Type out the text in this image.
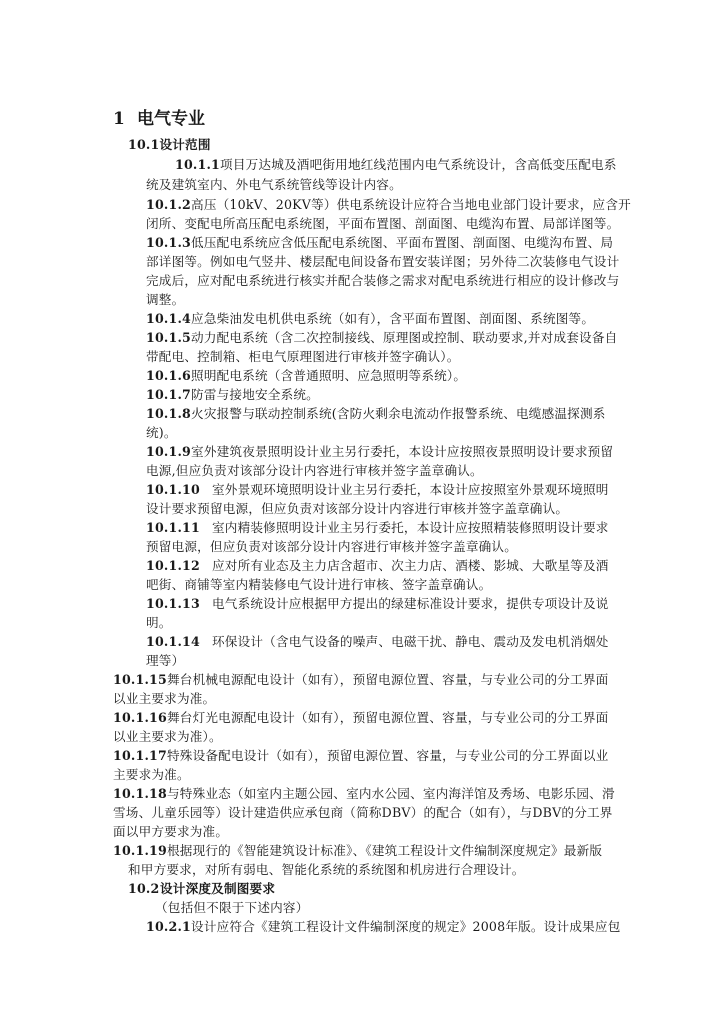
1 电气专业
10.1设计范围
10.1.1项目万达城及酒吧街用地红线范围内电气系统设计，含高低变压配电系
统及建筑室内、外电气系统管线等设计内容。
10.1.2高压（10kV、20KV等）供电系统设计应符合当地电业部门设计要求，应含开
闭所、变配电所高压配电系统图，平面布置图、剖面图、电缆沟布置、局部详图等。
10.1.3低压配电系统应含低压配电系统图、平面布置图、剖面图、电缆沟布置、局
部详图等。例如电气竖井、楼层配电间设备布置安装详图；另外待二次装修电气设计
完成后，应对配电系统进行核实并配合装修之需求对配电系统进行相应的设计修改与
调整。
10.1.4应急柴油发电机供电系统（如有），含平面布置图、剖面图、系统图等。
10.1.5动力配电系统（含二次控制接线、原理图或控制、联动要求,并对成套设备自
带配电、控制箱、柜电气原理图进行审核并签字确认）。
10.1.6照明配电系统（含普通照明、应急照明等系统）。
10.1.7防雷与接地安全系统。
10.1.8火灾报警与联动控制系统(含防火剩余电流动作报警系统、电缆感温探测系
统)。
10.1.9室外建筑夜景照明设计业主另行委托，本设计应按照夜景照明设计要求预留
电源,但应负责对该部分设计内容进行审核并签字盖章确认。
10.1.10 室外景观环境照明设计业主另行委托，本设计应按照室外景观环境照明
设计要求预留电源，但应负责对该部分设计内容进行审核并签字盖章确认。
10.1.11 室内精装修照明设计业主另行委托，本设计应按照精装修照明设计要求
预留电源，但应负责对该部分设计内容进行审核并签字盖章确认。
10.1.12 应对所有业态及主力店含超市、次主力店、酒楼、影城、大歌星等及酒
吧街、商铺等室内精装修电气设计进行审核、签字盖章确认。
10.1.13 电气系统设计应根据甲方提出的绿建标准设计要求，提供专项设计及说
明。
10.1.14 环保设计（含电气设备的噪声、电磁干扰、静电、震动及发电机消烟处
理等）
10.1.15舞台机械电源配电设计（如有），预留电源位置、容量，与专业公司的分工界面
以业主要求为准。
10.1.16舞台灯光电源配电设计（如有），预留电源位置、容量，与专业公司的分工界面
以业主要求为准）。
10.1.17特殊设备配电设计（如有），预留电源位置、容量，与专业公司的分工界面以业
主要求为准。
10.1.18与特殊业态（如室内主题公园、室内水公园、室内海洋馆及秀场、电影乐园、滑
雪场、儿童乐园等）设计建造供应承包商（简称DBV）的配合（如有），与DBV的分工界
面以甲方要求为准。
10.1.19根据现行的《智能建筑设计标准》、《建筑工程设计文件编制深度规定》最新版
和甲方要求，对所有弱电、智能化系统的系统图和机房进行合理设计。
10.2设计深度及制图要求
（包括但不限于下述内容）
10.2.1设计应符合《建筑工程设计文件编制深度的规定》2008年版。设计成果应包
